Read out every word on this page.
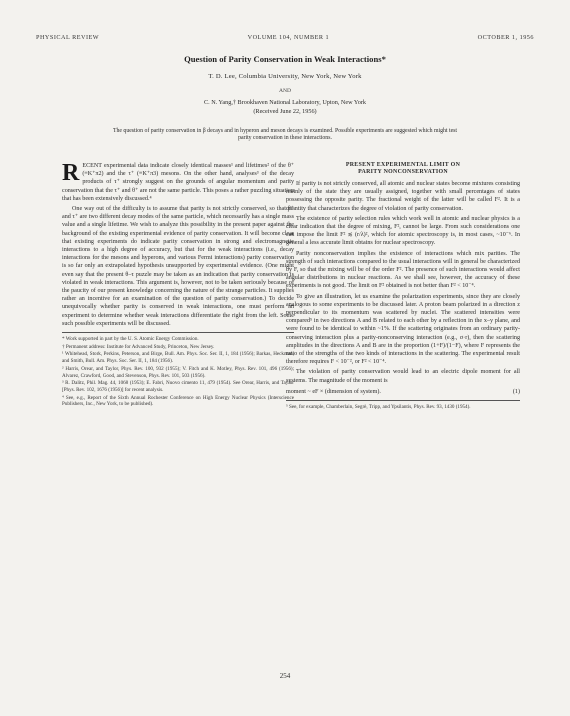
PHYSICAL REVIEW	VOLUME 104, NUMBER 1	OCTOBER 1, 1956
Question of Parity Conservation in Weak Interactions*
T. D. Lee, Columbia University, New York, New York
AND
C. N. Yang,† Brookhaven National Laboratory, Upton, New York
(Received June 22, 1956)
The question of parity conservation in β decays and in hyperon and meson decays is examined. Possible experiments are suggested which might test parity conservation in these interactions.

RECENT experimental data indicate closely identical masses¹ and lifetimes² of the θ⁺ (≡K⁺π2) and the τ⁺ (≡K⁺π3) mesons. On the other hand, analyses³ of the decay products of τ⁺ strongly suggest on the grounds of angular momentum and parity conservation that the τ⁺ and θ⁺ are not the same particle. This poses a rather puzzling situation that has been extensively discussed.⁴

One way out of the difficulty is to assume that parity is not strictly conserved, so that θ⁺ and τ⁺ are two different decay modes of the same particle, which necessarily has a single mass value and a single lifetime. We wish to analyze this possibility in the present paper against the background of the existing experimental evidence of parity conservation. It will become clear that existing experiments do indicate parity conservation in strong and electromagnetic interactions to a high degree of accuracy, but that for the weak interactions (i.e., decay interactions for the mesons and hyperons, and various Fermi interactions) parity conservation is so far only an extrapolated hypothesis unsupported by experimental evidence. (One might even say that the present θ–τ puzzle may be taken as an indication that parity conservation is violated in weak interactions. This argument is, however, not to be taken seriously because of the paucity of our present knowledge concerning the nature of the strange particles. It supplies rather an incentive for an examination of the question of parity conservation.) To decide unequivocally whether parity is conserved in weak interactions, one must perform an experiment to determine whether weak interactions differentiate the right from the left. Some such possible experiments will be discussed.

* Work supported in part by the U. S. Atomic Energy Commission.
† Permanent address: Institute for Advanced Study, Princeton, New Jersey.
¹ Whitehead, Stork, Perkins, Peterson, and Birge, Bull. Am. Phys. Soc. Ser. II, 1, 184 (1956); Barkas, Heckman, and Smith, Bull. Am. Phys. Soc. Ser. II, 1, 184 (1956).
² Harris, Orear, and Taylor, Phys. Rev. 100, 932 (1955); V. Fitch and K. Motley, Phys. Rev. 101, 496 (1956); Alvarez, Crawford, Good, and Stevenson, Phys. Rev. 101, 503 (1956).
³ R. Dalitz, Phil. Mag. 44, 1068 (1953); E. Fabri, Nuovo cimento 11, 479 (1954). See Orear, Harris, and Taylor [Phys. Rev. 102, 1676 (1956)] for recent analysis.
⁴ See, e.g., Report of the Sixth Annual Rochester Conference on High Energy Nuclear Physics (Interscience Publishers, Inc., New York, to be published).
PRESENT EXPERIMENTAL LIMIT ON
PARITY NONCONSERVATION

If parity is not strictly conserved, all atomic and nuclear states become mixtures consisting mainly of the state they are usually assigned, together with small percentages of states possessing the opposite parity. The fractional weight of the latter will be called F². It is a quantity that characterizes the degree of violation of parity conservation.

The existence of parity selection rules which work well in atomic and nuclear physics is a clear indication that the degree of mixing, F², cannot be large. From such considerations one can impose the limit F² ≲ (r/λ)², which for atomic spectroscopy is, in most cases, ~10⁻⁶. In general a less accurate limit obtains for nuclear spectroscopy.

Parity nonconservation implies the existence of interactions which mix parities. The strength of such interactions compared to the usual interactions will in general be characterized by F, so that the mixing will be of the order F². The presence of such interactions would affect angular distributions in nuclear reactions. As we shall see, however, the accuracy of these experiments is not good. The limit on F² obtained is not better than F² < 10⁻⁴.

To give an illustration, let us examine the polarization experiments, since they are closely analogous to some experiments to be discussed later. A proton beam polarized in a direction z perpendicular to its momentum was scattered by nuclei. The scattered intensities were compared⁵ in two directions A and B related to each other by a reflection in the x–y plane, and were found to be identical to within ~1%. If the scattering originates from an ordinary parity-conserving interaction plus a parity-nonconserving interaction (e.g., σ·r), then the scattering amplitudes in the directions A and B are in the proportion (1+F)/(1−F), where F represents the ratio of the strengths of the two kinds of interactions in the scattering. The experimental result therefore requires F < 10⁻², or F² < 10⁻⁴.

The violation of parity conservation would lead to an electric dipole moment for all systems. The magnitude of the moment is

moment ~ eF × (dimension of system).	(1)
⁵ See, for example, Chamberlain, Segrè, Tripp, and Ypsilantis, Phys. Rev. 93, 1430 (1954).
254
